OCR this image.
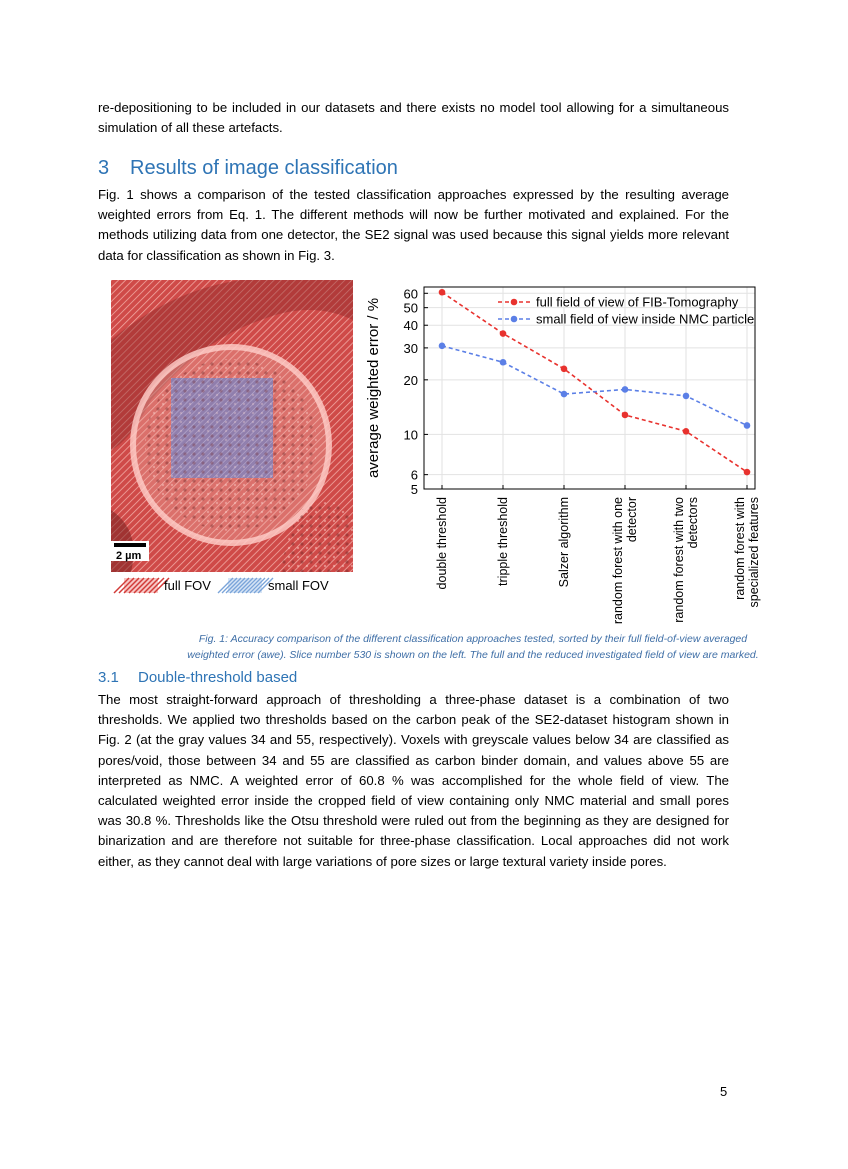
re-depositioning to be included in our datasets and there exists no model tool allowing for a simultaneous simulation of all these artefacts.

3 Results of image classification

Fig. 1 shows a comparison of the tested classification approaches expressed by the resulting average weighted errors from Eq. 1. The different methods will now be further motivated and explained. For the methods utilizing data from one detector, the SE2 signal was used because this signal yields more relevant data for classification as shown in Fig. 3.

2 µm
full FOV	small FOV
average weighted error / %
5
6
10
20
30
40
50
60
double threshold	tripple threshold	Salzer algorithm	random forest with one detector	random forest with two detectors	random forest with specialized features
full field of view of FIB-Tomography
small field of view inside NMC particle

Fig. 1: Accuracy comparison of the different classification approaches tested, sorted by their full field-of-view averaged
weighted error (awe). Slice number 530 is shown on the left. The full and the reduced investigated field of view are marked.

3.1 Double-threshold based

The most straight-forward approach of thresholding a three-phase dataset is a combination of two thresholds. We applied two thresholds based on the carbon peak of the SE2-dataset histogram shown in Fig. 2 (at the gray values 34 and 55, respectively). Voxels with greyscale values below 34 are classified as pores/void, those between 34 and 55 are classified as carbon binder domain, and values above 55 are interpreted as NMC. A weighted error of 60.8 % was accomplished for the whole field of view. The calculated weighted error inside the cropped field of view containing only NMC material and small pores was 30.8 %. Thresholds like the Otsu threshold were ruled out from the beginning as they are designed for binarization and are therefore not suitable for three-phase classification. Local approaches did not work either, as they cannot deal with large variations of pore sizes or large textural variety inside pores.

5
